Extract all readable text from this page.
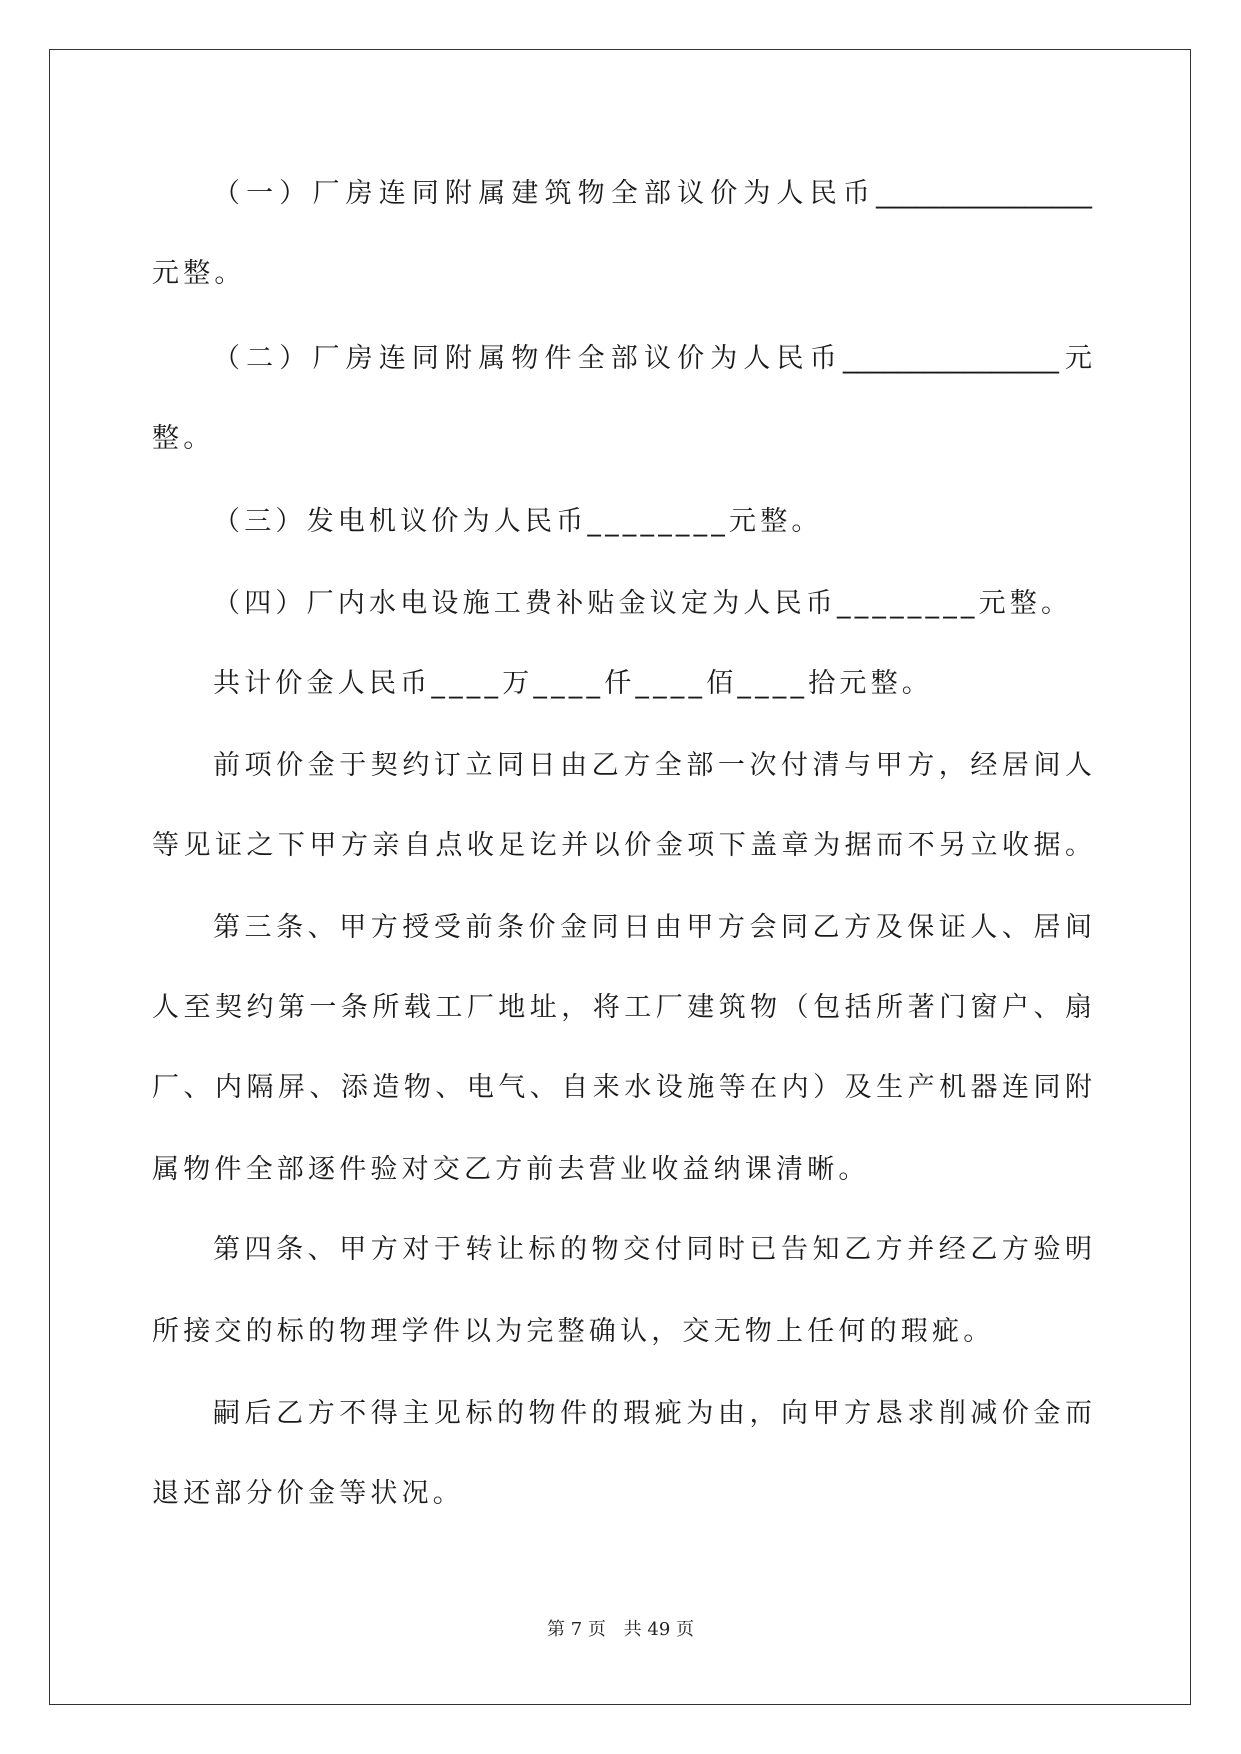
（一）厂房连同附属建筑物全部议价为人民币________________
元整。
（二）厂房连同附属物件全部议价为人民币________________元
整。
（三）发电机议价为人民币________元整。
（四）厂内水电设施工费补贴金议定为人民币________元整。
共计价金人民币____万____仟____佰____拾元整。
前项价金于契约订立同日由乙方全部一次付清与甲方，经居间人
等见证之下甲方亲自点收足讫并以价金项下盖章为据而不另立收据。
第三条、甲方授受前条价金同日由甲方会同乙方及保证人、居间
人至契约第一条所载工厂地址，将工厂建筑物（包括所著门窗户、扇
厂、内隔屏、添造物、电气、自来水设施等在内）及生产机器连同附
属物件全部逐件验对交乙方前去营业收益纳课清晰。
第四条、甲方对于转让标的物交付同时已告知乙方并经乙方验明
所接交的标的物理学件以为完整确认，交无物上任何的瑕疵。
嗣后乙方不得主见标的物件的瑕疵为由，向甲方恳求削减价金而
退还部分价金等状况。
第 7 页 共 49 页
